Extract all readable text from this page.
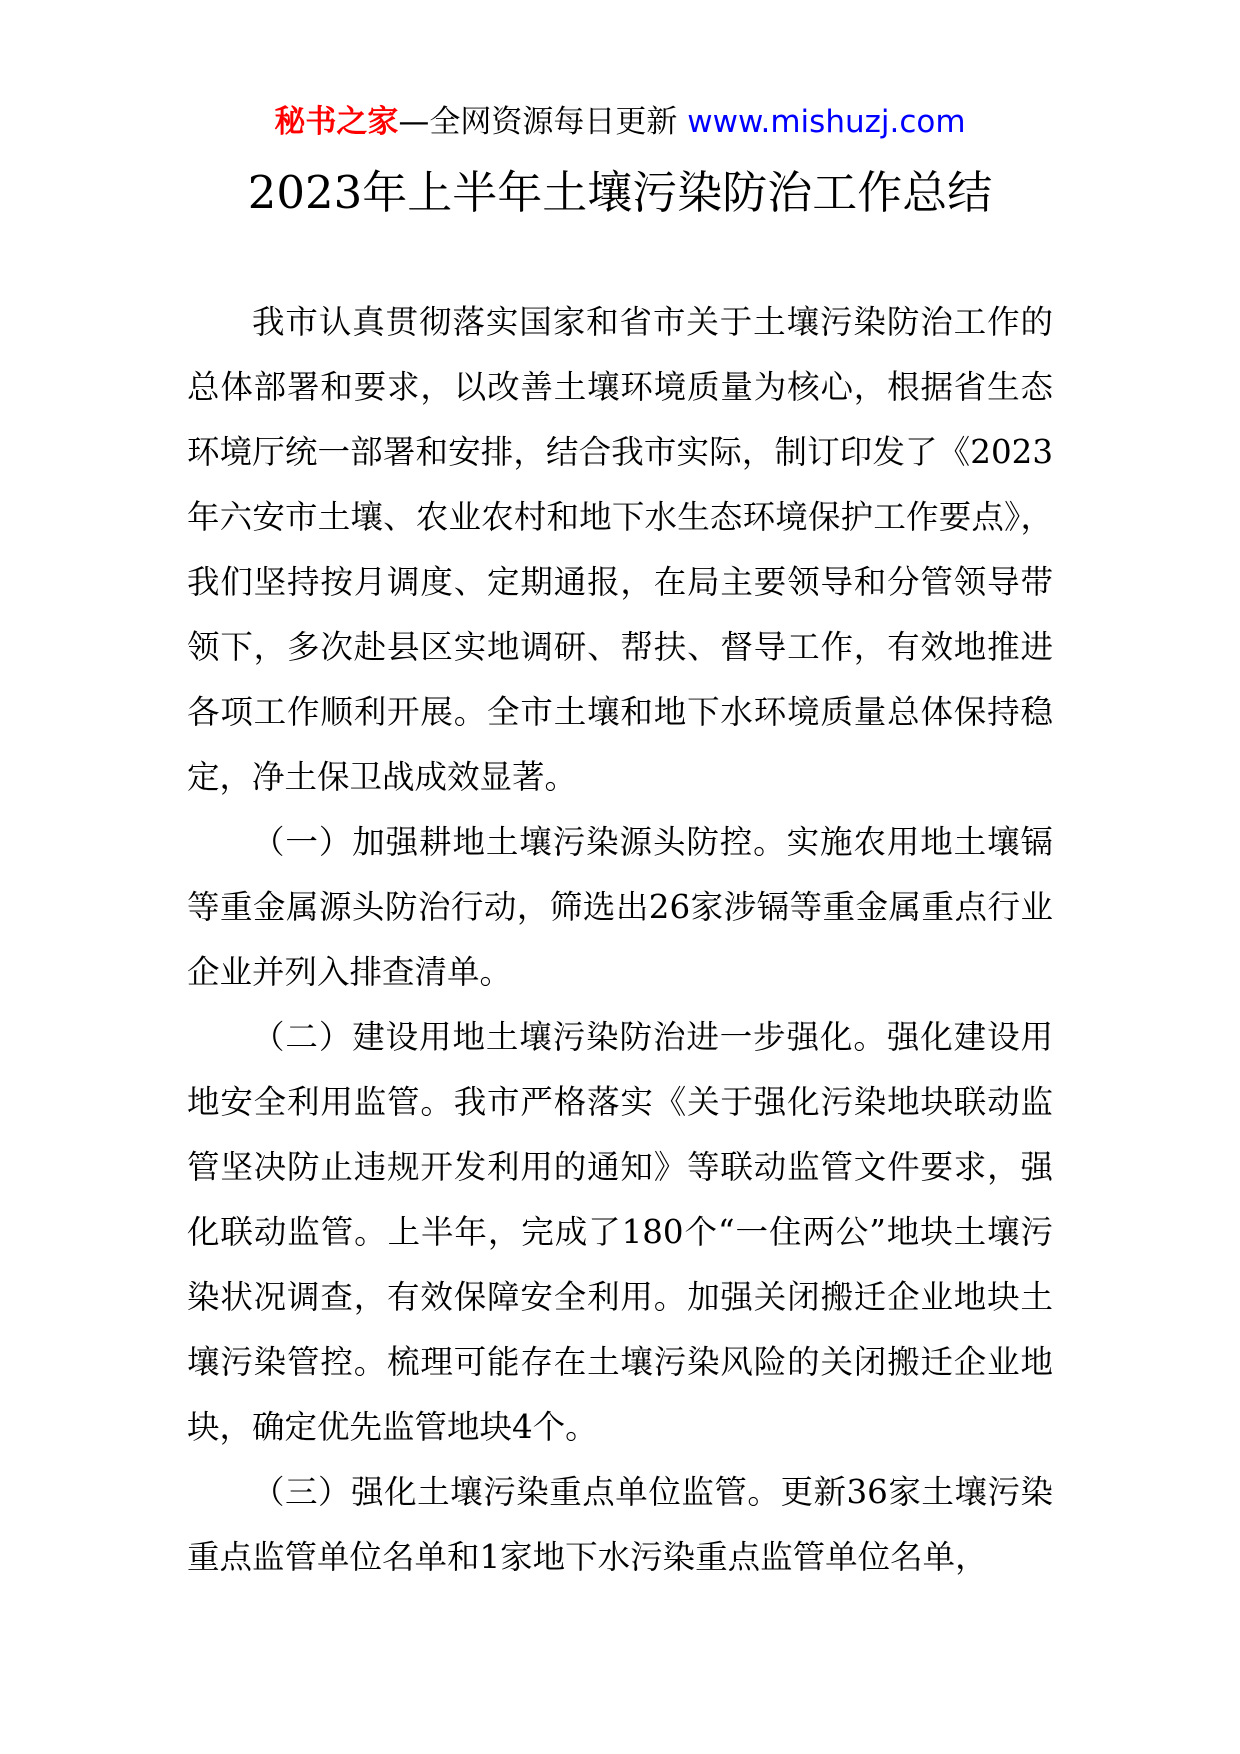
秘书之家—全网资源每日更新 www.mishuzj.com
2023年上半年土壤污染防治工作总结

我市认真贯彻落实国家和省市关于土壤污染防治工作的总体部署和要求，以改善土壤环境质量为核心，根据省生态环境厅统一部署和安排，结合我市实际，制订印发了《2023年六安市土壤、农业农村和地下水生态环境保护工作要点》，我们坚持按月调度、定期通报，在局主要领导和分管领导带领下，多次赴县区实地调研、帮扶、督导工作，有效地推进各项工作顺利开展。全市土壤和地下水环境质量总体保持稳定，净土保卫战成效显著。

（一）加强耕地土壤污染源头防控。实施农用地土壤镉等重金属源头防治行动，筛选出26家涉镉等重金属重点行业企业并列入排查清单。

（二）建设用地土壤污染防治进一步强化。强化建设用地安全利用监管。我市严格落实《关于强化污染地块联动监管坚决防止违规开发利用的通知》等联动监管文件要求，强化联动监管。上半年，完成了180个“一住两公”地块土壤污染状况调查，有效保障安全利用。加强关闭搬迁企业地块土壤污染管控。梳理可能存在土壤污染风险的关闭搬迁企业地块，确定优先监管地块4个。

（三）强化土壤污染重点单位监管。更新36家土壤污染重点监管单位名单和1家地下水污染重点监管单位名单，
